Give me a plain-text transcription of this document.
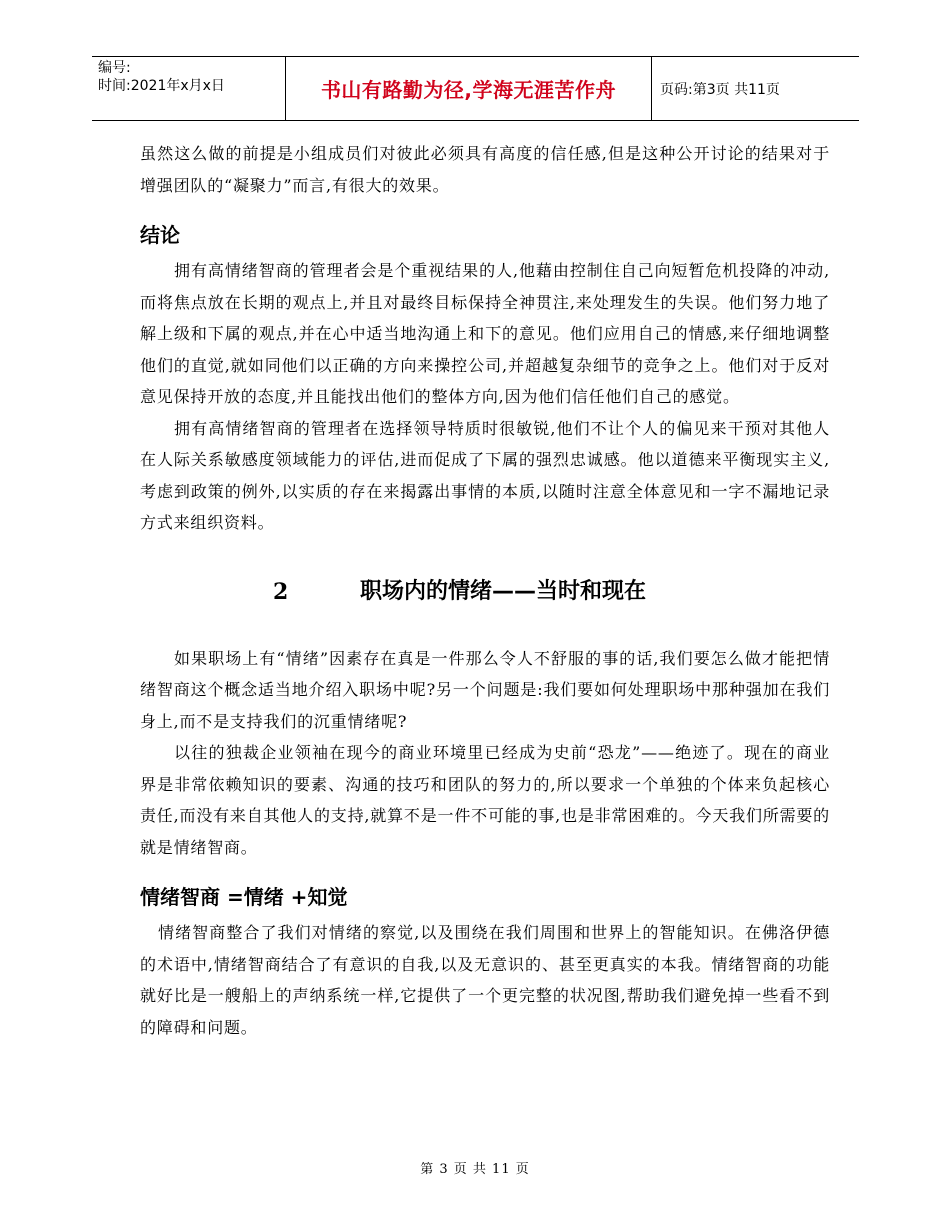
编号:
时间:2021年x月x日	书山有路勤为径,学海无涯苦作舟	页码:第3页 共11页

虽然这么做的前提是小组成员们对彼此必须具有高度的信任感,但是这种公开讨论的结果对于增强团队的“凝聚力”而言,有很大的效果。

结论

拥有高情绪智商的管理者会是个重视结果的人,他藉由控制住自己向短暂危机投降的冲动,而将焦点放在长期的观点上,并且对最终目标保持全神贯注,来处理发生的失误。他们努力地了解上级和下属的观点,并在心中适当地沟通上和下的意见。他们应用自己的情感,来仔细地调整他们的直觉,就如同他们以正确的方向来操控公司,并超越复杂细节的竞争之上。他们对于反对意见保持开放的态度,并且能找出他们的整体方向,因为他们信任他们自己的感觉。

拥有高情绪智商的管理者在选择领导特质时很敏锐,他们不让个人的偏见来干预对其他人在人际关系敏感度领域能力的评估,进而促成了下属的强烈忠诚感。他以道德来平衡现实主义,考虑到政策的例外,以实质的存在来揭露出事情的本质,以随时注意全体意见和一字不漏地记录方式来组织资料。

2	职场内的情绪——当时和现在

如果职场上有“情绪”因素存在真是一件那么令人不舒服的事的话,我们要怎么做才能把情绪智商这个概念适当地介绍入职场中呢?另一个问题是:我们要如何处理职场中那种强加在我们身上,而不是支持我们的沉重情绪呢?

以往的独裁企业领袖在现今的商业环境里已经成为史前“恐龙”——绝迹了。现在的商业界是非常依赖知识的要素、沟通的技巧和团队的努力的,所以要求一个单独的个体来负起核心责任,而没有来自其他人的支持,就算不是一件不可能的事,也是非常困难的。今天我们所需要的就是情绪智商。

情绪智商 =情绪 +知觉

情绪智商整合了我们对情绪的察觉,以及围绕在我们周围和世界上的智能知识。在佛洛伊德的术语中,情绪智商结合了有意识的自我,以及无意识的、甚至更真实的本我。情绪智商的功能就好比是一艘船上的声纳系统一样,它提供了一个更完整的状况图,帮助我们避免掉一些看不到的障碍和问题。

第 3 页 共 11 页
